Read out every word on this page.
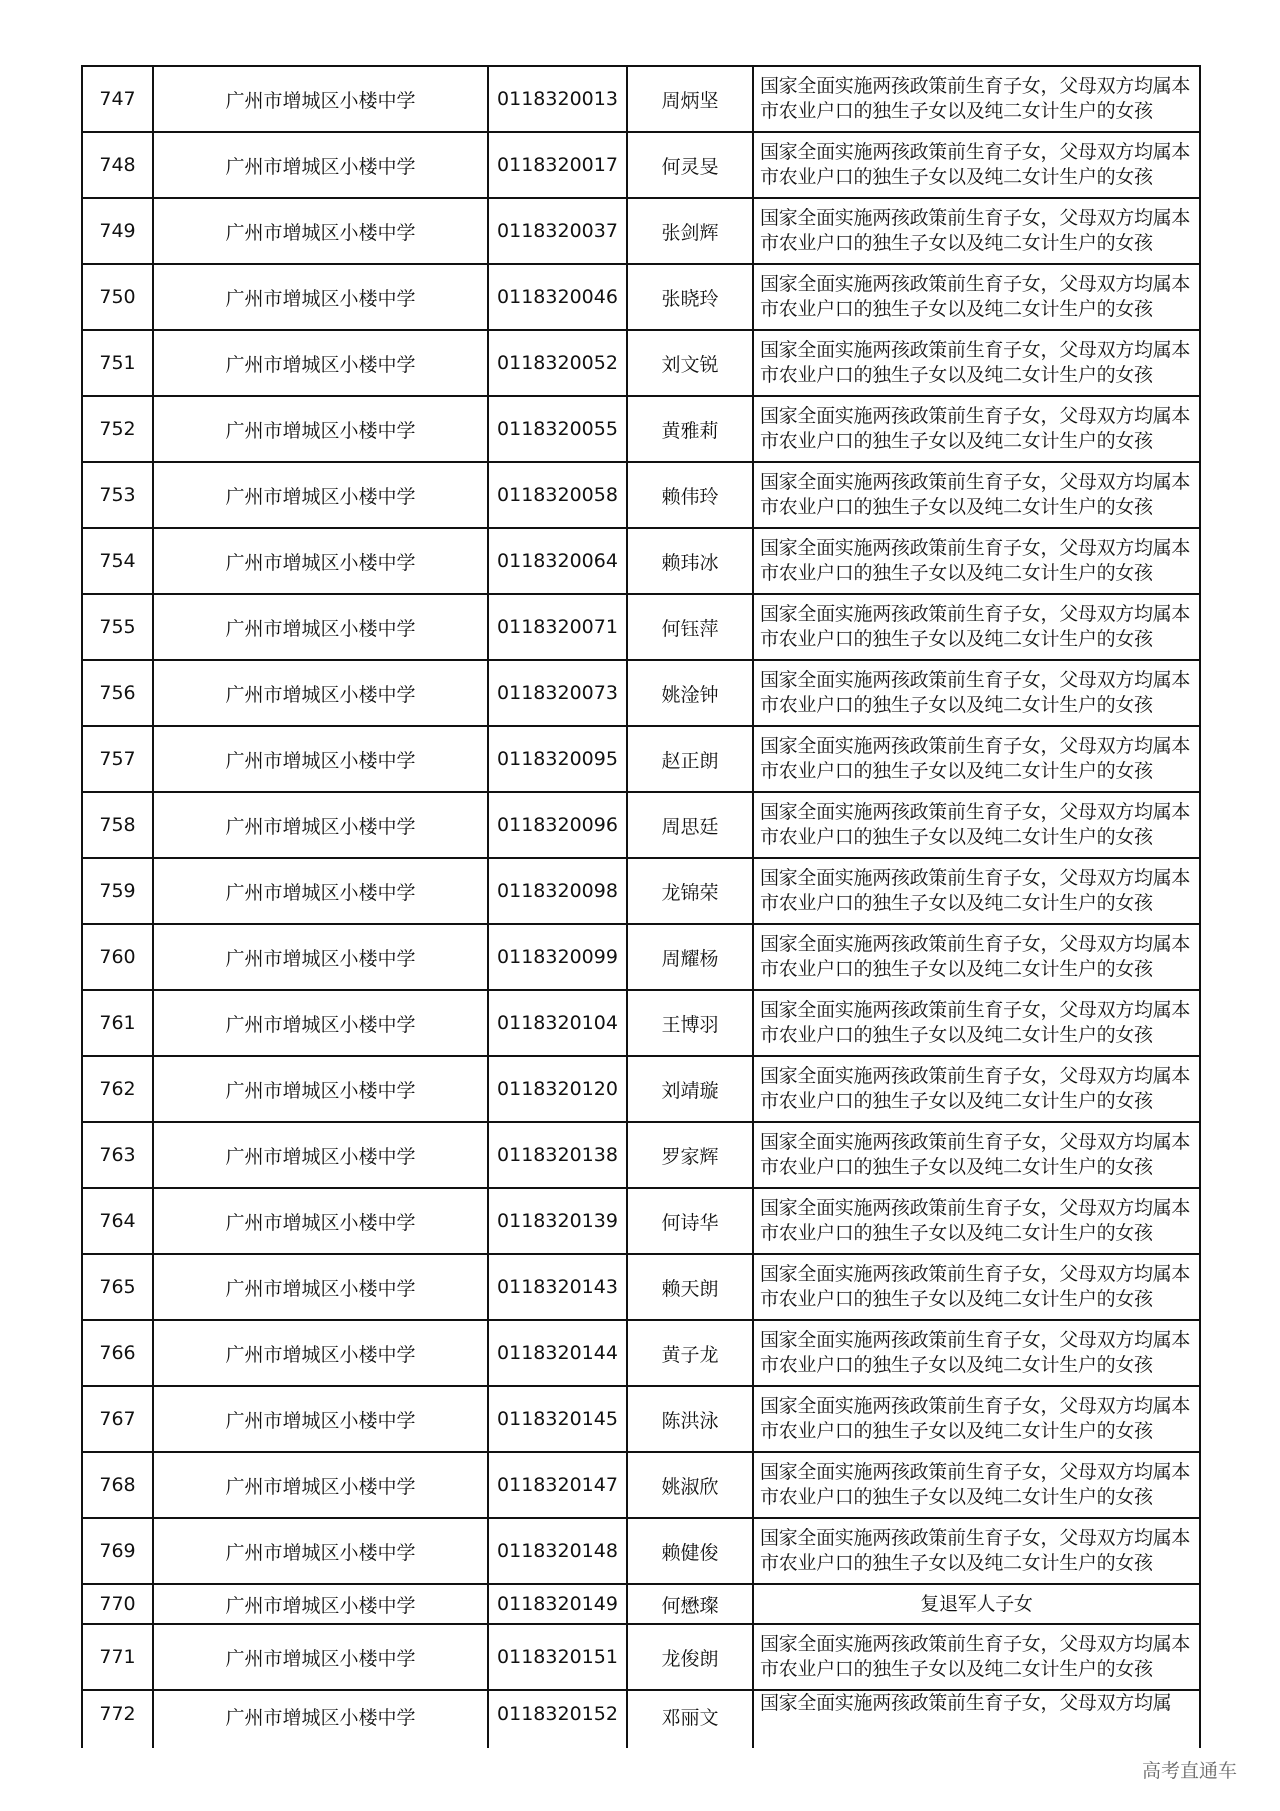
747	广州市增城区小楼中学	0118320013	周炳坚	国家全面实施两孩政策前生育子女，父母双方均属本市农业户口的独生子女以及纯二女计生户的女孩
748	广州市增城区小楼中学	0118320017	何灵旻	国家全面实施两孩政策前生育子女，父母双方均属本市农业户口的独生子女以及纯二女计生户的女孩
749	广州市增城区小楼中学	0118320037	张剑辉	国家全面实施两孩政策前生育子女，父母双方均属本市农业户口的独生子女以及纯二女计生户的女孩
750	广州市增城区小楼中学	0118320046	张晓玲	国家全面实施两孩政策前生育子女，父母双方均属本市农业户口的独生子女以及纯二女计生户的女孩
751	广州市增城区小楼中学	0118320052	刘文锐	国家全面实施两孩政策前生育子女，父母双方均属本市农业户口的独生子女以及纯二女计生户的女孩
752	广州市增城区小楼中学	0118320055	黄雅莉	国家全面实施两孩政策前生育子女，父母双方均属本市农业户口的独生子女以及纯二女计生户的女孩
753	广州市增城区小楼中学	0118320058	赖伟玲	国家全面实施两孩政策前生育子女，父母双方均属本市农业户口的独生子女以及纯二女计生户的女孩
754	广州市增城区小楼中学	0118320064	赖玮冰	国家全面实施两孩政策前生育子女，父母双方均属本市农业户口的独生子女以及纯二女计生户的女孩
755	广州市增城区小楼中学	0118320071	何钰萍	国家全面实施两孩政策前生育子女，父母双方均属本市农业户口的独生子女以及纯二女计生户的女孩
756	广州市增城区小楼中学	0118320073	姚淦钟	国家全面实施两孩政策前生育子女，父母双方均属本市农业户口的独生子女以及纯二女计生户的女孩
757	广州市增城区小楼中学	0118320095	赵正朗	国家全面实施两孩政策前生育子女，父母双方均属本市农业户口的独生子女以及纯二女计生户的女孩
758	广州市增城区小楼中学	0118320096	周思廷	国家全面实施两孩政策前生育子女，父母双方均属本市农业户口的独生子女以及纯二女计生户的女孩
759	广州市增城区小楼中学	0118320098	龙锦荣	国家全面实施两孩政策前生育子女，父母双方均属本市农业户口的独生子女以及纯二女计生户的女孩
760	广州市增城区小楼中学	0118320099	周耀杨	国家全面实施两孩政策前生育子女，父母双方均属本市农业户口的独生子女以及纯二女计生户的女孩
761	广州市增城区小楼中学	0118320104	王博羽	国家全面实施两孩政策前生育子女，父母双方均属本市农业户口的独生子女以及纯二女计生户的女孩
762	广州市增城区小楼中学	0118320120	刘靖璇	国家全面实施两孩政策前生育子女，父母双方均属本市农业户口的独生子女以及纯二女计生户的女孩
763	广州市增城区小楼中学	0118320138	罗家辉	国家全面实施两孩政策前生育子女，父母双方均属本市农业户口的独生子女以及纯二女计生户的女孩
764	广州市增城区小楼中学	0118320139	何诗华	国家全面实施两孩政策前生育子女，父母双方均属本市农业户口的独生子女以及纯二女计生户的女孩
765	广州市增城区小楼中学	0118320143	赖天朗	国家全面实施两孩政策前生育子女，父母双方均属本市农业户口的独生子女以及纯二女计生户的女孩
766	广州市增城区小楼中学	0118320144	黄子龙	国家全面实施两孩政策前生育子女，父母双方均属本市农业户口的独生子女以及纯二女计生户的女孩
767	广州市增城区小楼中学	0118320145	陈洪泳	国家全面实施两孩政策前生育子女，父母双方均属本市农业户口的独生子女以及纯二女计生户的女孩
768	广州市增城区小楼中学	0118320147	姚淑欣	国家全面实施两孩政策前生育子女，父母双方均属本市农业户口的独生子女以及纯二女计生户的女孩
769	广州市增城区小楼中学	0118320148	赖健俊	国家全面实施两孩政策前生育子女，父母双方均属本市农业户口的独生子女以及纯二女计生户的女孩
770	广州市增城区小楼中学	0118320149	何懋璨	复退军人子女
771	广州市增城区小楼中学	0118320151	龙俊朗	国家全面实施两孩政策前生育子女，父母双方均属本市农业户口的独生子女以及纯二女计生户的女孩
772	广州市增城区小楼中学	0118320152	邓丽文	国家全面实施两孩政策前生育子女，父母双方均属
高考直通车
